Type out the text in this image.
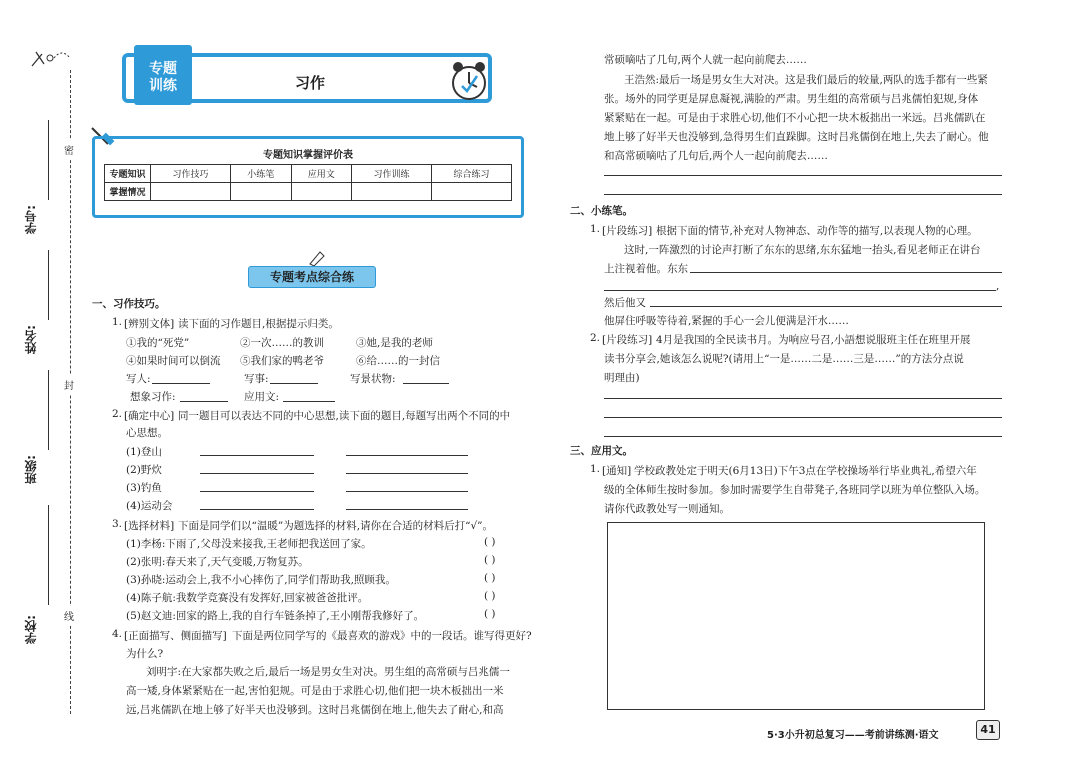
密
封
线
学号:
姓名:
班级:
学校:
专题
训练	习作
专题知识掌握评价表
专题知识	习作技巧	小练笔	应用文	习作训练	综合练习
掌握情况					
专题考点综合练
一、习作技巧。
1. [辨别文体] 读下面的习作题目,根据提示归类。
①我的“死党”	②一次……的教训	③她,是我的老师
④如果时间可以倒流 ⑤我们家的鸭老爷	⑥给……的一封信
写人:	写事:	写景状物:
想象习作:	应用文:
2. [确定中心] 同一题目可以表达不同的中心思想,读下面的题目,每题写出两个不同的中
心思想。
(1)登山
(2)野炊
(3)钓鱼
(4)运动会
3. [选择材料] 下面是同学们以“温暖”为题选择的材料,请你在合适的材料后打“√”。
(1)李杨:下雨了,父母没来接我,王老师把我送回了家。	( )
(2)张明:春天来了,天气变暖,万物复苏。	( )
(3)孙晓:运动会上,我不小心摔伤了,同学们帮助我,照顾我。	( )
(4)陈子航:我数学竞赛没有发挥好,回家被爸爸批评。	( )
(5)赵文迪:回家的路上,我的自行车链条掉了,王小刚帮我修好了。	( )
4. [正面描写、侧面描写] 下面是两位同学写的《最喜欢的游戏》中的一段话。谁写得更好?
为什么?
刘明宇:在大家都失败之后,最后一场是男女生对决。男生组的高常硕与吕兆儒一
高一矮,身体紧紧贴在一起,害怕犯规。可是由于求胜心切,他们把一块木板拙出一米
远,吕兆儒趴在地上够了好半天也没够到。这时吕兆儒倒在地上,他失去了耐心,和高
常硕嘀咕了几句,两个人就一起向前爬去……
王浩然:最后一场是男女生大对决。这是我们最后的较量,两队的选手都有一些紧
张。场外的同学更是屏息凝视,满脸的严肃。男生组的高常硕与吕兆儒怕犯规,身体
紧紧贴在一起。可是由于求胜心切,他们不小心把一块木板拙出一米远。吕兆儒趴在
地上够了好半天也没够到,急得男生们直跺脚。这时吕兆儒倒在地上,失去了耐心。他
和高常硕嘀咕了几句后,两个人一起向前爬去……
二、小练笔。
1. [片段练习] 根据下面的情节,补充对人物神态、动作等的描写,以表现人物的心理。
这时,一阵激烈的讨论声打断了东东的思绪,东东猛地一抬头,看见老师正在讲台
上注视着他。东东
,
然后他又
他屏住呼吸等待着,紧握的手心一会儿便满是汗水……
2. [片段练习] 4月是我国的全民读书月。为响应号召,小語想说服班主任在班里开展
读书分享会,她该怎么说呢?(请用上“一是……二是……三是……”的方法分点说
明理由)
三、应用文。
1. [通知] 学校政教处定于明天(6月13日)下午3点在学校操场举行毕业典礼,希望六年
级的全体师生按时参加。参加时需要学生自带凳子,各班同学以班为单位整队入场。
请你代政教处写一则通知。
5·3小升初总复习——考前讲练测·语文	41
